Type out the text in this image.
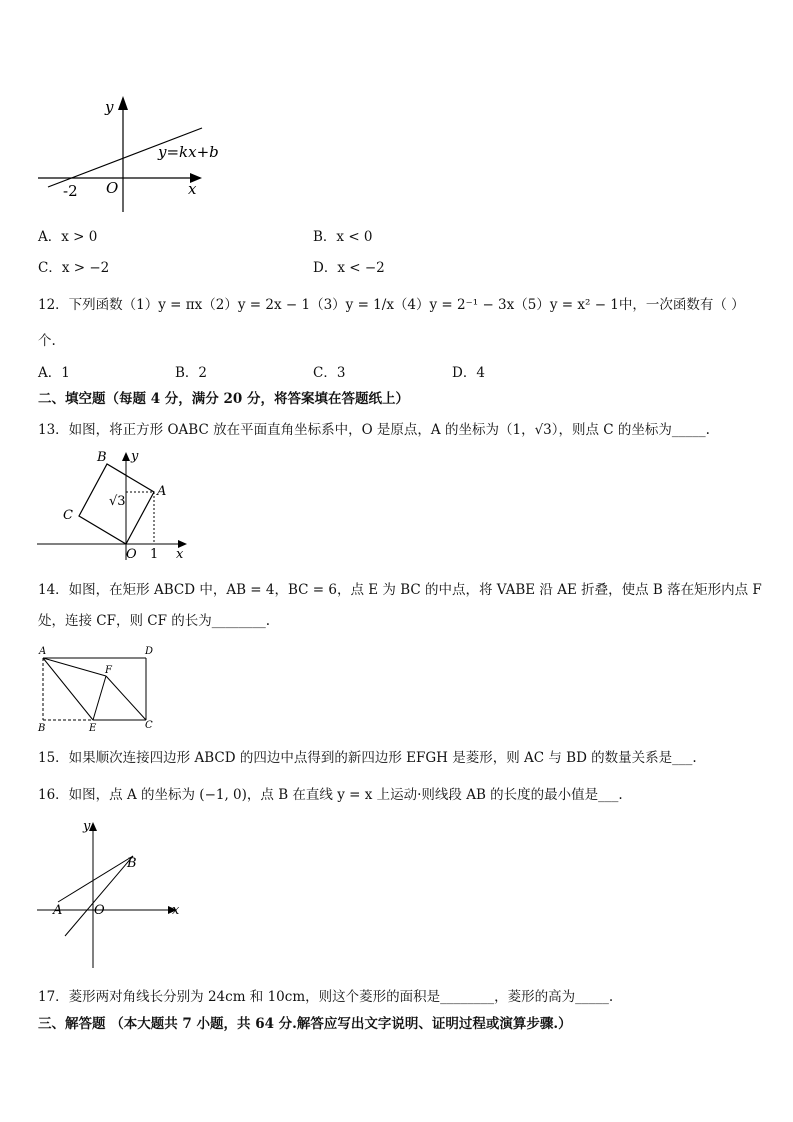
y
y=kx+b
x
-2 O
A．x > 0	B．x < 0
C．x > −2	D．x < −2
12．下列函数（1）y = πx（2）y = 2x − 1（3）y = 1/x（4）y = 2⁻¹ − 3x（5）y = x² − 1中，一次函数有（ ）
个.
A．1	B．2	C．3	D．4
二、填空题（每题 4 分，满分 20 分，将答案填在答题纸上）
13．如图，将正方形 OABC 放在平面直角坐标系中，O 是原点，A 的坐标为（1，√3），则点 C 的坐标为_____.
B y
A
C
√3
O 1 x
14．如图，在矩形 ABCD 中，AB = 4，BC = 6，点 E 为 BC 的中点，将 VABE 沿 AE 折叠，使点 B 落在矩形内点 F
处，连接 CF，则 CF 的长为________.
A	D
F
B	E	C
15．如果顺次连接四边形 ABCD 的四边中点得到的新四边形 EFGH 是菱形，则 AC 与 BD 的数量关系是___.
16．如图，点 A 的坐标为 (−1, 0)，点 B 在直线 y = x 上运动·则线段 AB 的长度的最小值是___.
y
B
A O	x
17．菱形两对角线长分别为 24cm 和 10cm，则这个菱形的面积是________，菱形的高为_____.
三、解答题 （本大题共 7 小题，共 64 分.解答应写出文字说明、证明过程或演算步骤.）
